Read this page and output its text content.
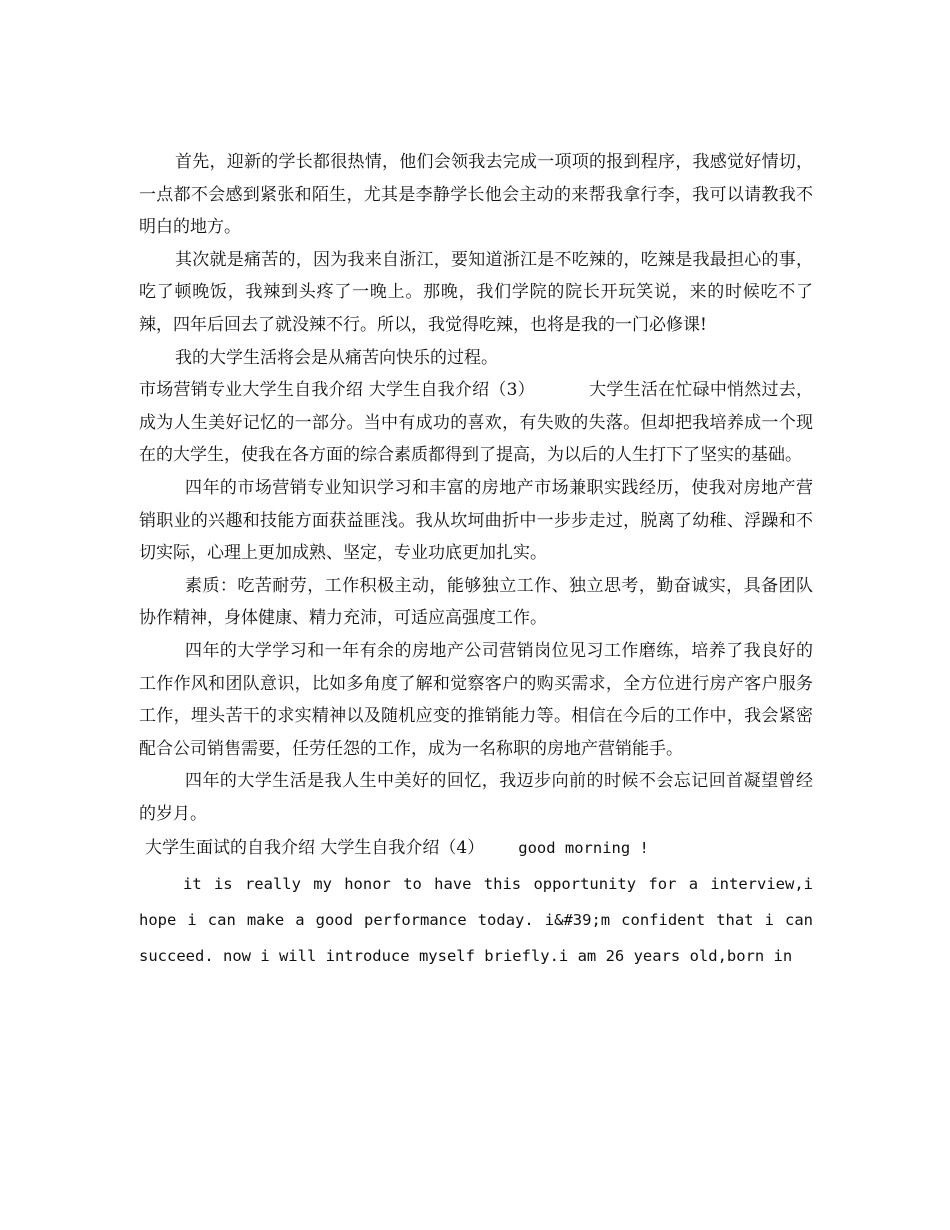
首先，迎新的学长都很热情，他们会领我去完成一项项的报到程序，我感觉好情切，一点都不会感到紧张和陌生，尤其是李静学长他会主动的来帮我拿行李，我可以请教我不明白的地方。

其次就是痛苦的，因为我来自浙江，要知道浙江是不吃辣的，吃辣是我最担心的事，吃了顿晚饭，我辣到头疼了一晚上。那晚，我们学院的院长开玩笑说，来的时候吃不了辣，四年后回去了就没辣不行。所以，我觉得吃辣，也将是我的一门必修课!

我的大学生活将会是从痛苦向快乐的过程。

市场营销专业大学生自我介绍 大学生自我介绍（3）	大学生活在忙碌中悄然过去，成为人生美好记忆的一部分。当中有成功的喜欢，有失败的失落。但却把我培养成一个现在的大学生，使我在各方面的综合素质都得到了提高，为以后的人生打下了坚实的基础。

四年的市场营销专业知识学习和丰富的房地产市场兼职实践经历，使我对房地产营销职业的兴趣和技能方面获益匪浅。我从坎坷曲折中一步步走过，脱离了幼稚、浮躁和不切实际，心理上更加成熟、坚定，专业功底更加扎实。

素质：吃苦耐劳，工作积极主动，能够独立工作、独立思考，勤奋诚实，具备团队协作精神，身体健康、精力充沛，可适应高强度工作。

四年的大学学习和一年有余的房地产公司营销岗位见习工作磨练，培养了我良好的工作作风和团队意识，比如多角度了解和觉察客户的购买需求，全方位进行房产客户服务工作，埋头苦干的求实精神以及随机应变的推销能力等。相信在今后的工作中，我会紧密配合公司销售需要，任劳任怨的工作，成为一名称职的房地产营销能手。

四年的大学生活是我人生中美好的回忆，我迈步向前的时候不会忘记回首凝望曾经的岁月。

大学生面试的自我介绍 大学生自我介绍（4） good morning !

it is really my honor to have this opportunity for a interview,i hope i can make a good performance today. i&#39;m confident that i can succeed. now i will introduce myself briefly.i am 26 years old,born in
